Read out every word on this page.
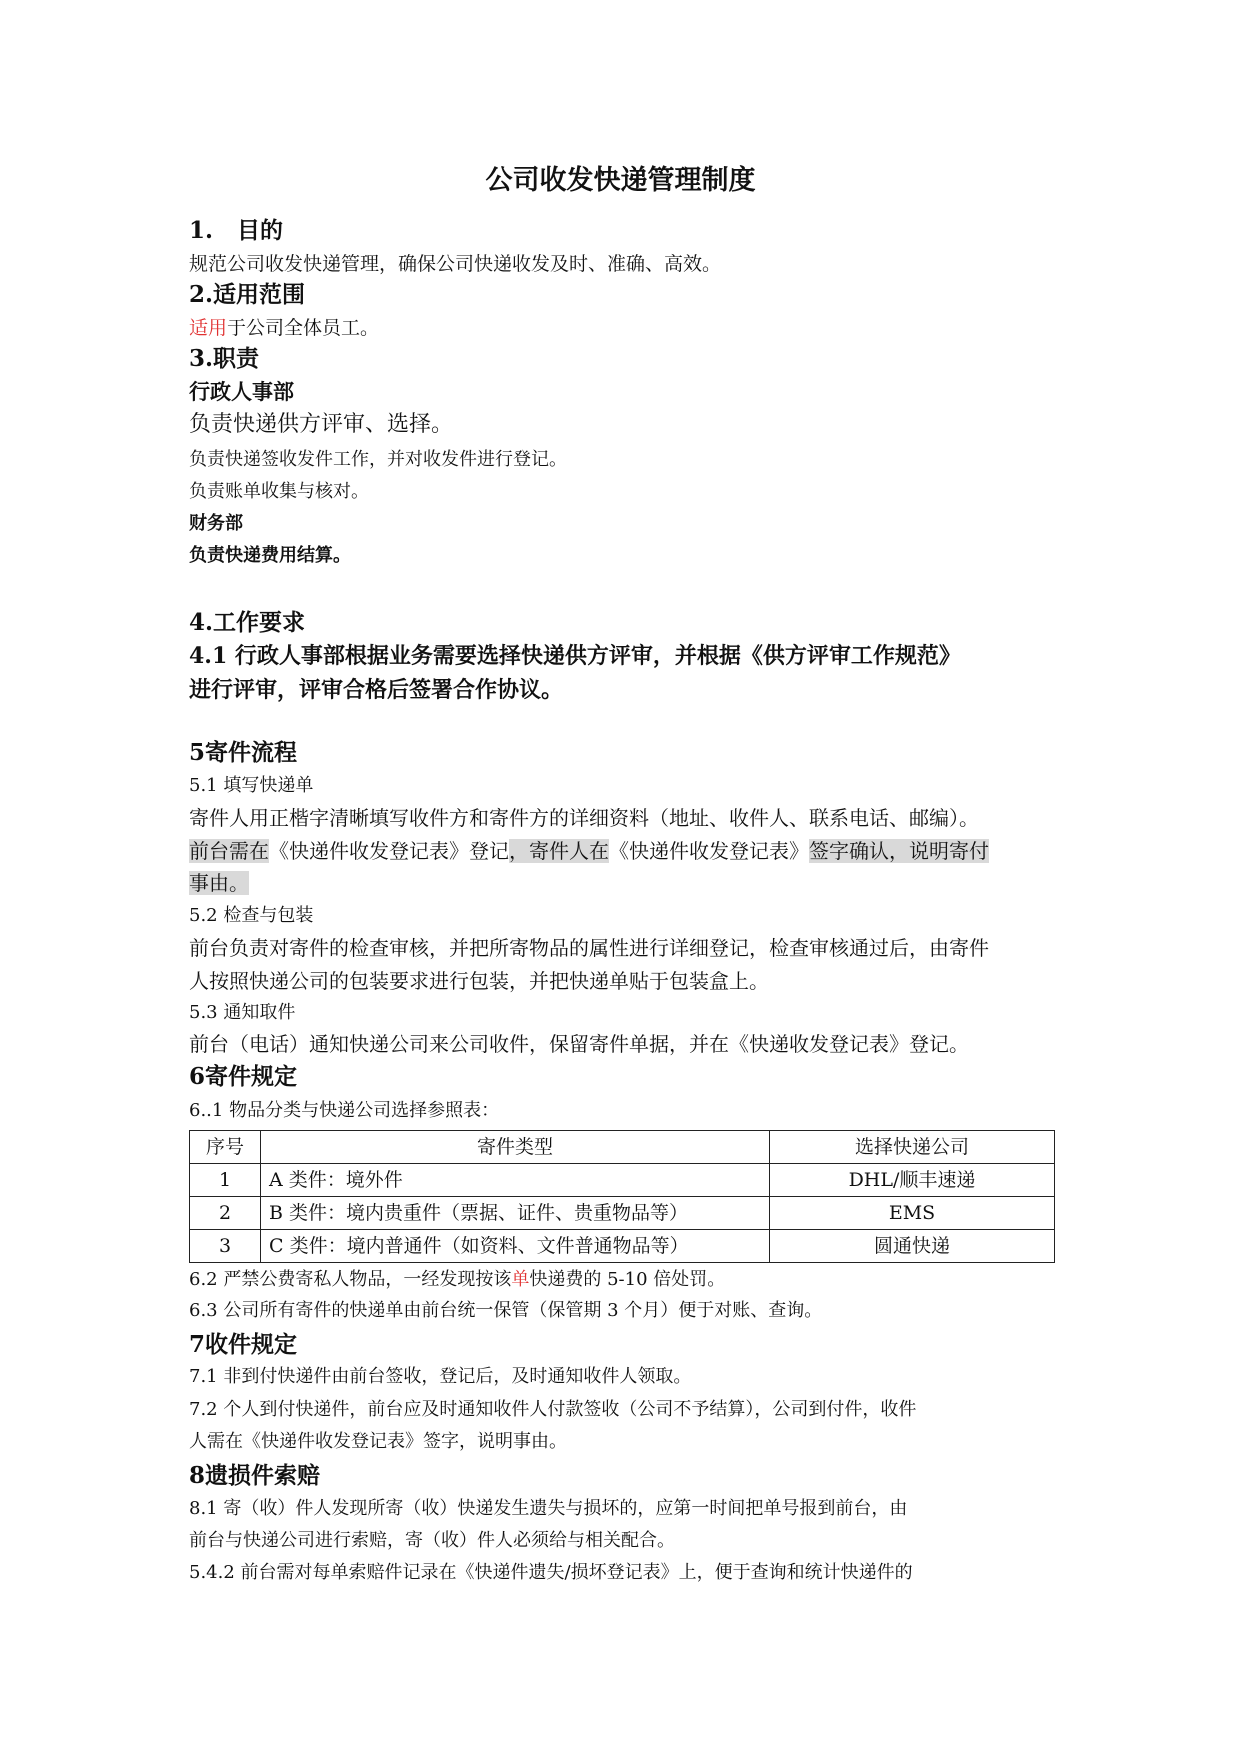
公司收发快递管理制度
1.   目的
规范公司收发快递管理，确保公司快递收发及时、准确、高效。
2.适用范围
适用于公司全体员工。
3.职责
行政人事部
负责快递供方评审、选择。
负责快递签收发件工作，并对收发件进行登记。
负责账单收集与核对。
财务部
负责快递费用结算。
4.工作要求
4.1 行政人事部根据业务需要选择快递供方评审，并根据《供方评审工作规范》
进行评审，评审合格后签署合作协议。
5寄件流程
5.1 填写快递单
寄件人用正楷字清晰填写收件方和寄件方的详细资料（地址、收件人、联系电话、邮编）。
前台需在《快递件收发登记表》登记，寄件人在《快递件收发登记表》签字确认，说明寄付
事由。
5.2 检查与包装
前台负责对寄件的检查审核，并把所寄物品的属性进行详细登记，检查审核通过后，由寄件
人按照快递公司的包装要求进行包装，并把快递单贴于包装盒上。
5.3 通知取件
前台（电话）通知快递公司来公司收件，保留寄件单据，并在《快递收发登记表》登记。
6寄件规定
6..1 物品分类与快递公司选择参照表：
序号	寄件类型	选择快递公司
1	A 类件：境外件	DHL/顺丰速递
2	B 类件：境内贵重件（票据、证件、贵重物品等）	EMS
3	C 类件：境内普通件（如资料、文件普通物品等）	圆通快递
6.2 严禁公费寄私人物品，一经发现按该单快递费的 5-10 倍处罚。
6.3 公司所有寄件的快递单由前台统一保管（保管期 3 个月）便于对账、查询。
7收件规定
7.1 非到付快递件由前台签收，登记后，及时通知收件人领取。
7.2 个人到付快递件，前台应及时通知收件人付款签收（公司不予结算），公司到付件，收件
人需在《快递件收发登记表》签字，说明事由。
8遗损件索赔
8.1 寄（收）件人发现所寄（收）快递发生遗失与损坏的，应第一时间把单号报到前台，由
前台与快递公司进行索赔，寄（收）件人必须给与相关配合。
5.4.2 前台需对每单索赔件记录在《快递件遗失/损坏登记表》上，便于查询和统计快递件的
